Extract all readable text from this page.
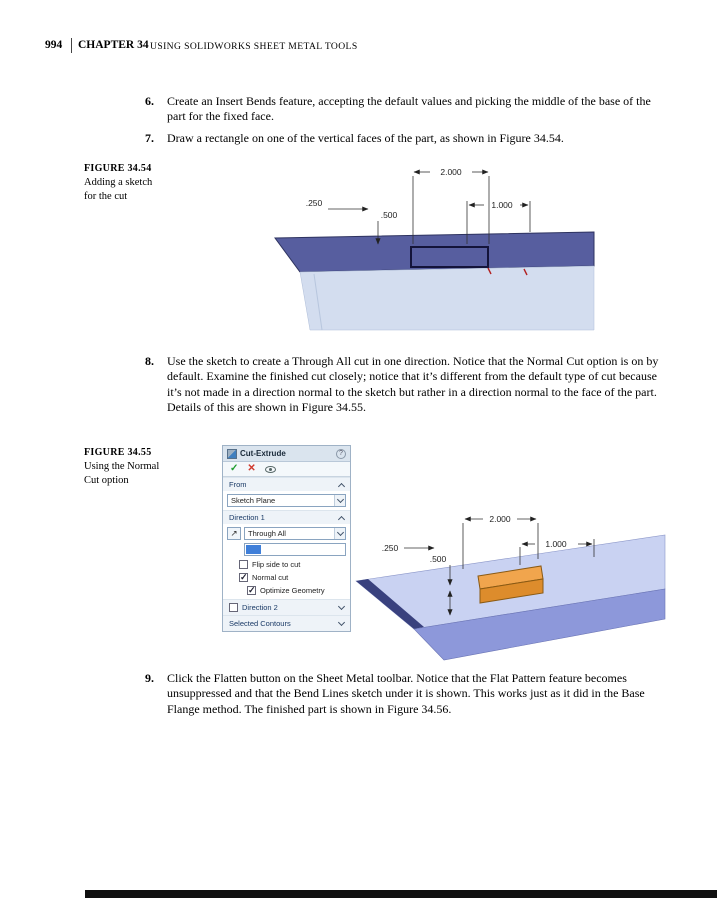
994 CHAPTER 34 USING SOLIDWORKS SHEET METAL TOOLS
6.	Create an Insert Bends feature, accepting the default values and picking the middle of the base of the part for the fixed face.
7.	Draw a rectangle on one of the vertical faces of the part, as shown in Figure 34.54.
8.	Use the sketch to create a Through All cut in one direction. Notice that the Normal Cut option is on by default. Examine the finished cut closely; notice that it’s different from the default type of cut because it’s not made in a direction normal to the sketch but rather in a direction normal to the face of the part. Details of this are shown in Figure 34.55.
9.	Click the Flatten button on the Sheet Metal toolbar. Notice that the Flat Pattern feature becomes unsuppressed and that the Bend Lines sketch under it is shown. This works just as it did in the Base Flange method. The finished part is shown in Figure 34.56.
FIGURE 34.54
Adding a sketch
for the cut
2.000
.250
.500
1.000
FIGURE 34.55
Using the Normal
Cut option
Cut-Extrude	?
✓ ✕
From
Sketch Plane
Direction 1
↗	Through All
Flip side to cut
✓
Normal cut
✓
Optimize Geometry
Direction 2
Selected Contours
2.000
1.000
.250
.500
